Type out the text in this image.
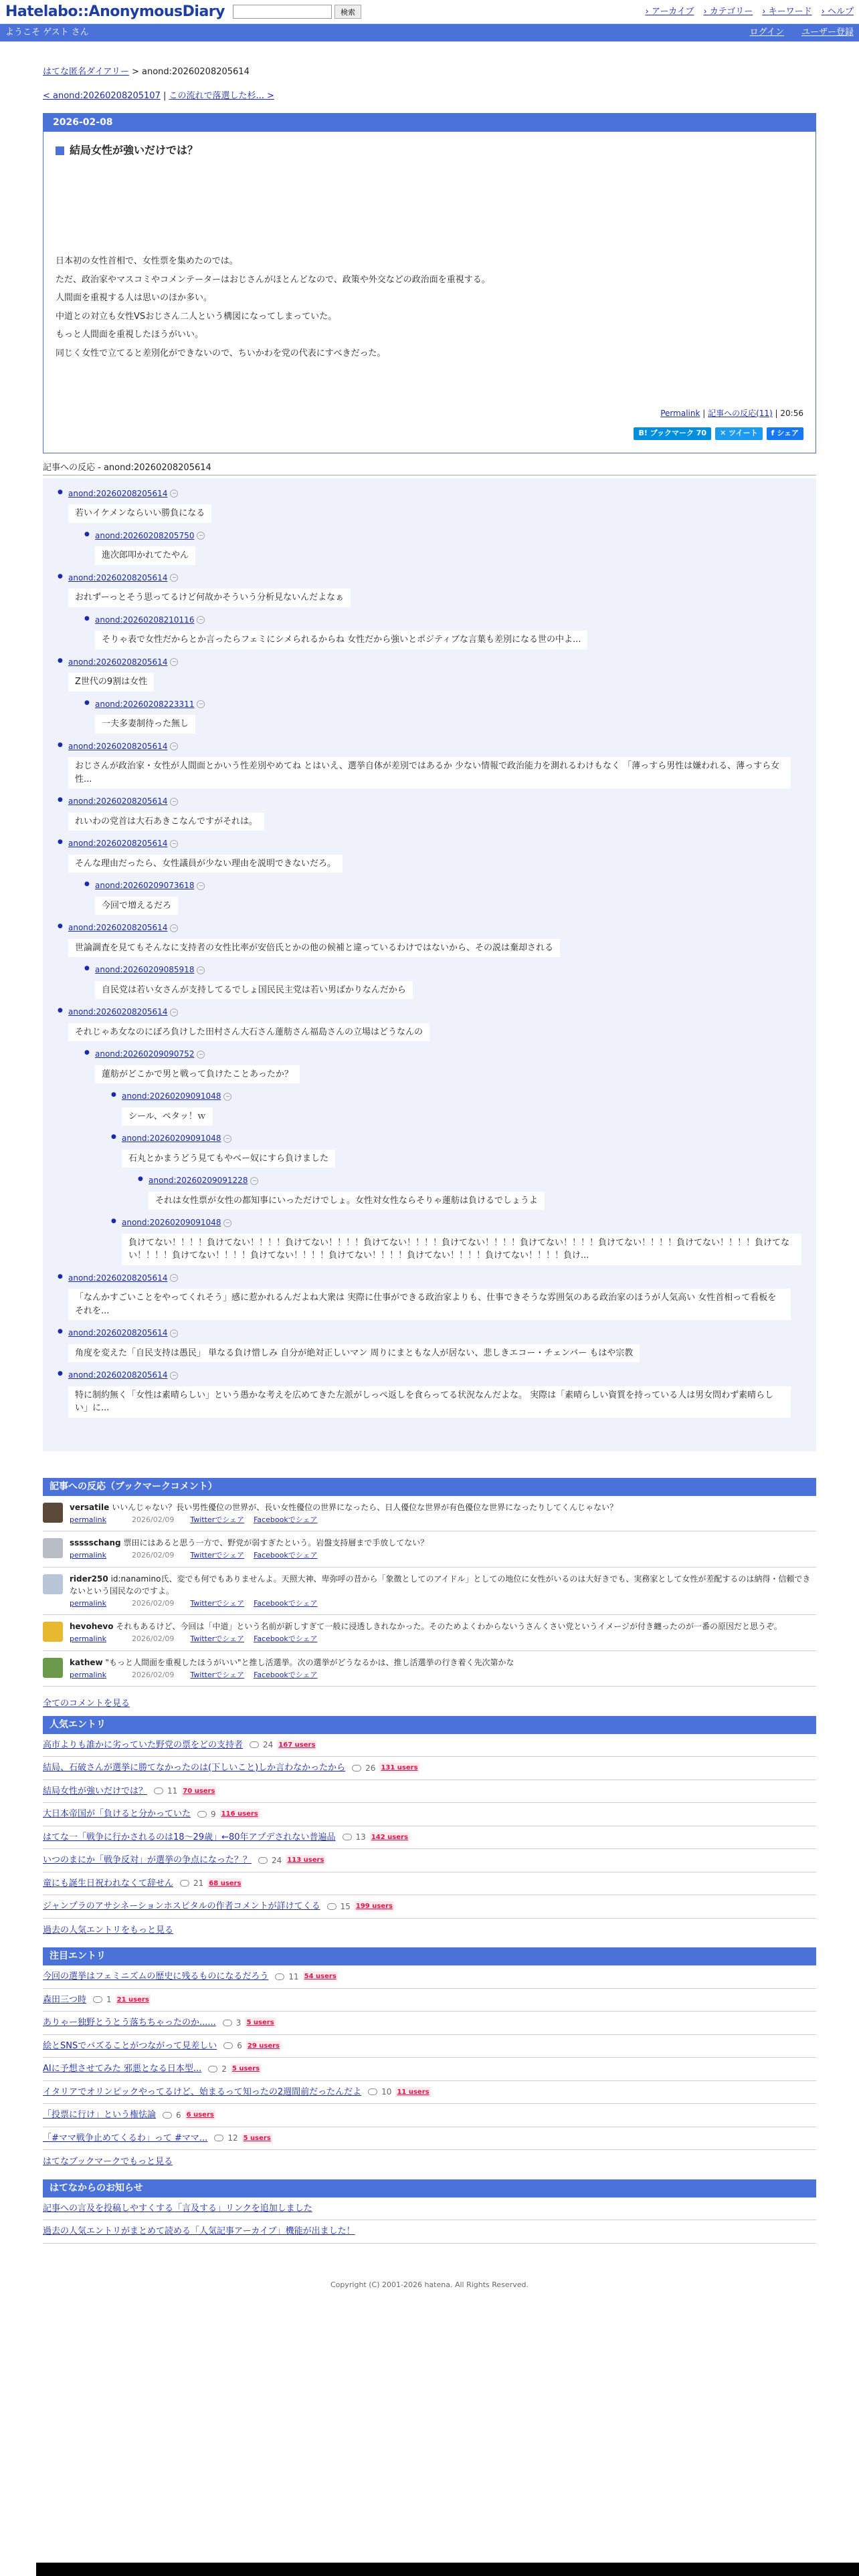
Hatelabo::AnonymousDiary	検索	› アーカイブ	› カテゴリー	› キーワード	› ヘルプ
ようこそ ゲスト さん	ログイン ユーザー登録
はてな匿名ダイアリー > anond:20260208205614
< anond:20260208205107 | この流れで落選した杉... >
2026-02-08
結局女性が強いだけでは？

日本初の女性首相で、女性票を集めたのでは。

ただ、政治家やマスコミやコメンテーターはおじさんがほとんどなので、政策や外交などの政治面を重視する。

人間面を重視する人は思いのほか多い。

中道との対立も女性VSおじさん二人という構図になってしまっていた。

もっと人間面を重視したほうがいい。

同じく女性で立てると差別化ができないので、ちいかわを党の代表にすべきだった。

Permalink | 記事への反応(11) | 20:56
B! ブックマーク 70	✕ ツイート	f シェア
記事への反応 - anond:20260208205614
● anond:20260208205614 −
若いイケメンならいい勝負になる
● anond:20260208205750 −
進次郎叩かれてたやん
● anond:20260208205614 −
おれずーっとそう思ってるけど何故かそういう分析見ないんだよなぁ
● anond:20260208210116 −
そりゃ表で女性だからとか言ったらフェミにシメられるからね 女性だから強いとポジティブな言葉も差別になる世の中よ...
● anond:20260208205614 −
Z世代の9割は女性
● anond:20260208223311 −
一夫多妻制待った無し
● anond:20260208205614 −
おじさんが政治家・女性が人間面とかいう性差別やめてね とはいえ、選挙自体が差別ではあるか 少ない情報で政治能力を測れるわけもなく 「薄っすら男性は嫌われる、薄っすら女性...
● anond:20260208205614 −
れいわの党首は大石あきこなんですがそれは。
● anond:20260208205614 −
そんな理由だったら、女性議員が少ない理由を説明できないだろ。
● anond:20260209073618 −
今回で増えるだろ
● anond:20260208205614 −
世論調査を見てもそんなに支持者の女性比率が安倍氏とかの他の候補と違っているわけではないから、その説は棄却される
● anond:20260209085918 −
自民党は若い女さんが支持してるでしょ国民民主党は若い男ばかりなんだから
● anond:20260208205614 −
それじゃあ女なのにぼろ負けした田村さん大石さん蓮舫さん福島さんの立場はどうなんの
● anond:20260209090752 −
蓮舫がどこかで男と戦って負けたことあったか？
● anond:20260209091048 −
シール、ペタッ！ｗ
● anond:20260209091048 −
石丸とかまうどう見てもやべー奴にすら負けました
● anond:20260209091228 −
それは女性票が女性の都知事にいっただけでしょ。女性対女性ならそりゃ蓮舫は負けるでしょうよ
● anond:20260209091048 −
負けてない！！！！負けてない！！！！負けてない！！！！負けてない！！！！負けてない！！！！負けてない！！！！負けてない！！！！負けてない！！！！負けてない！！！！負けてない！！！！負けてない！！！！負けてない！！！！負けてない！！！！負けてない！！！！負け...
● anond:20260208205614 −
「なんかすごいことをやってくれそう」感に惹かれるんだよね大衆は 実際に仕事ができる政治家よりも、仕事できそうな雰囲気のある政治家のほうが人気高い 女性首相って看板をそれを...
● anond:20260208205614 −
角度を変えた「自民支持は愚民」 単なる負け惜しみ 自分が絶対正しいマン 周りにまともな人が居ない、悲しきエコー・チェンバー もはや宗教
● anond:20260208205614 −
特に制約無く「女性は素晴らしい」という愚かな考えを広めてきた左派がしっぺ返しを食らってる状況なんだよな。 実際は「素晴らしい資質を持っている人は男女問わず素晴らしい」に...
記事への反応（ブックマークコメント）
versatile いいんじゃない？長い男性優位の世界が、長い女性優位の世界になったら、日人優位な世界が有色優位な世界になったりしてくんじゃない？
permalink	2026/02/09 Twitterでシェア Facebookでシェア
ssssschang 票田にはあると思う一方で、野党が弱すぎたという。岩盤支持層まで手放してない？
permalink	2026/02/09 Twitterでシェア Facebookでシェア
rider250 id:nanamino氏、変でも何でもありませんよ。天照大神、卑弥呼の昔から「象徴としてのアイドル」としての地位に女性がいるのは大好きでも、実務家として女性が差配するのは納得・信頼できないという国民なのですよ。
permalink	2026/02/09 Twitterでシェア Facebookでシェア
hevohevo それもあるけど、今回は「中道」という名前が新しすぎて一般に浸透しきれなかった。そのためよくわからないうさんくさい党というイメージが付き纏ったのが一番の原因だと思うぞ。
permalink	2026/02/09 Twitterでシェア Facebookでシェア
kathew "もっと人間面を重視したほうがいい"と推し活選挙。次の選挙がどうなるかは、推し活選挙の行き着く先次第かな
permalink	2026/02/09 Twitterでシェア Facebookでシェア
全てのコメントを見る
人気エントリ
高市よりも誰かに劣っていた野党の票をどの支持者	24 167 users
結局、石破さんが選挙に勝てなかったのは(下しいこと)しか言わなかったから	26 131 users
結局女性が強いだけでは？	11 70 users
大日本帝国が「負けると分かっていた	9 116 users
はてな一「戦争に行かされるのは18〜29歳」←80年アプデされない普遍品	13 142 users
いつのまにか「戦争反対」が選挙の争点になった？？	24 113 users
童にも誕生日祝われなくて辞せん	21 68 users
ジャンプラのアサシネーションホスピタルの作者コメントが詳けてくる	15 199 users
過去の人気エントリをもっと見る
注目エントリ
今回の選挙はフェミニズムの歴史に残るものになるだろう	11 54 users
森田三つ時	1 21 users
ありゃー独野とうとう落ちちゃったのか......	3 5 users
絵とSNSでバズることがつながって見差しい	6 29 users
AIに予想させてみた 邪悪となる日本型...	2 5 users
イタリアでオリンピックやってるけど、始まるって知ったの2週間前だったんだよ	10 11 users
「投票に行け」という権怯論	6 6 users
「#ママ戦争止めてくるわ」って #ママ...	12 5 users
はてなブックマークでもっと見る
はてなからのお知らせ
記事への言及を投稿しやすくする「言及する」リンクを追加しました
過去の人気エントリがまとめて読める「人気記事アーカイブ」機能が出ました！
Copyright (C) 2001-2026 hatena. All Rights Reserved.
